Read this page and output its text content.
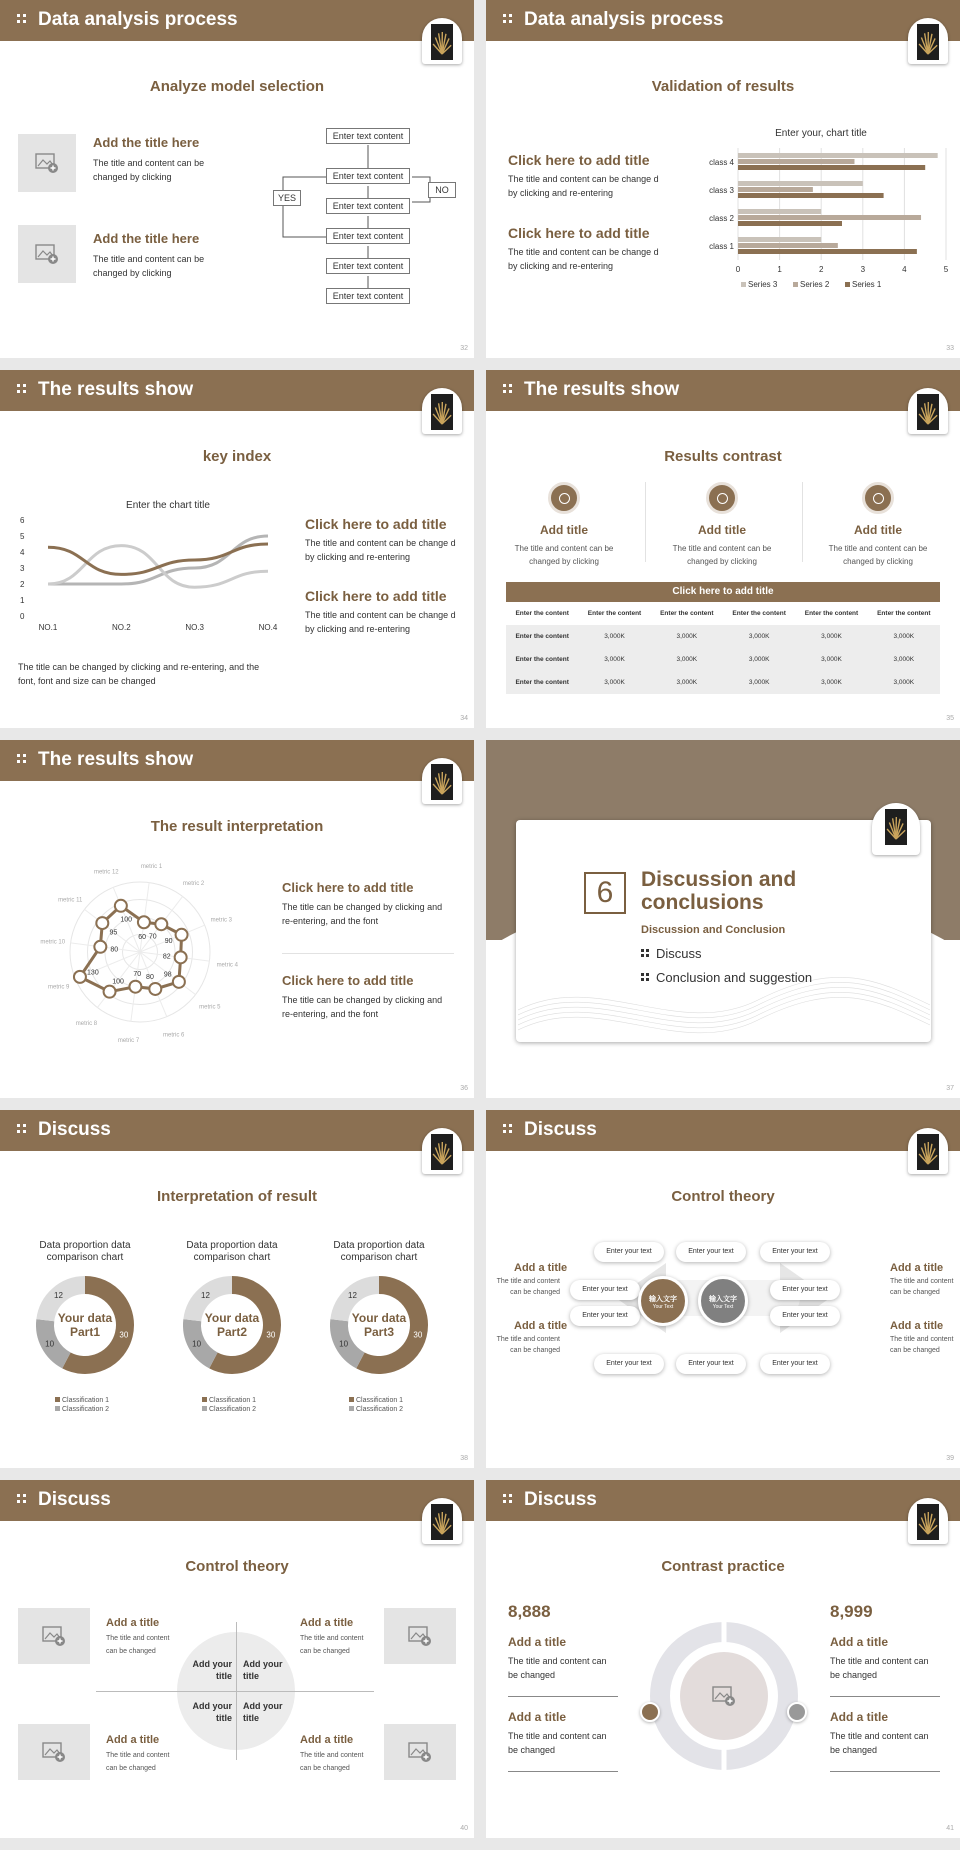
Data analysis process
Analyze model selection
Add the title here
The title and content can be changed by clicking
Add the title here
The title and content can be changed by clicking
Enter text content
Enter text content
Enter text content
Enter text content
Enter text content
Enter text content
YES
NO
32
Data analysis process
Validation of results
Click here to add title
The title and content can be change d by clicking and re-entering
Click here to add title
The title and content can be change d by clicking and re-entering
Enter your, chart title
0	1	2	3	4	5
class 1
class 2
class 3
class 4
Series 3	Series 2	Series 1
33
The results show
key index
Enter the chart title
0
1
2
3
4
5
6
NO.1	NO.2	NO.3	NO.4
The title can be changed by clicking and re-entering, and the font, font and size can be changed
Click here to add title
The title and content can be change d by clicking and re-entering
Click here to add title
The title and content can be change d by clicking and re-entering
34
The results show
Results contrast
Add title
The title and content can be changed by clicking
Add title
The title and content can be changed by clicking
Add title
The title and content can be changed by clicking
Click here to add title
Enter the content	Enter the content	Enter the content	Enter the content	Enter the content	Enter the content
Enter the content	3,000K	3,000K	3,000K	3,000K	3,000K
Enter the content	3,000K	3,000K	3,000K	3,000K	3,000K
Enter the content	3,000K	3,000K	3,000K	3,000K	3,000K
35
The results show
The result interpretation
metric 1
metric 2
metric 3
metric 4
metric 5
metric 6
metric 7
metric 8
metric 9
metric 10
metric 11
metric 12
60 70
90
82
98
80
70
100
130
80
95
100
Click here to add title
The title can be changed by clicking and re-entering, and the font
Click here to add title
The title can be changed by clicking and re-entering, and the font
36
6	Discussion and conclusions
Discussion and Conclusion
Discuss
Conclusion and suggestion
37
Discuss
Interpretation of result
Data proportion data comparison chart
30
10
12
Your data Part1
Classification 1
Classification 2
Data proportion data comparison chart
30
10
12
Your data Part2
Classification 1
Classification 2
Data proportion data comparison chart
30
10
12
Your data Part3
Classification 1
Classification 2
38
Discuss
Control theory
Enter your text	Enter your text	Enter your text
Enter your text
Enter your text
Enter your text
Enter your text
Enter your text	Enter your text	Enter your text
输入文字
Your Text
输入文字
Your Text
Add a title
The title and content can be changed
Add a title
The title and content can be changed
Add a title
The title and content can be changed
Add a title
The title and content can be changed
39
Discuss
Control theory
Add your title
Add your title
Add your title
Add your title
Add a title
The title and content can be changed
Add a title
The title and content can be changed
Add a title
The title and content can be changed
Add a title
The title and content can be changed
40
Discuss
Contrast practice
8,888
Add a title
The title and content can be changed
Add a title
The title and content can be changed
8,999
Add a title
The title and content can be changed
Add a title
The title and content can be changed
41
